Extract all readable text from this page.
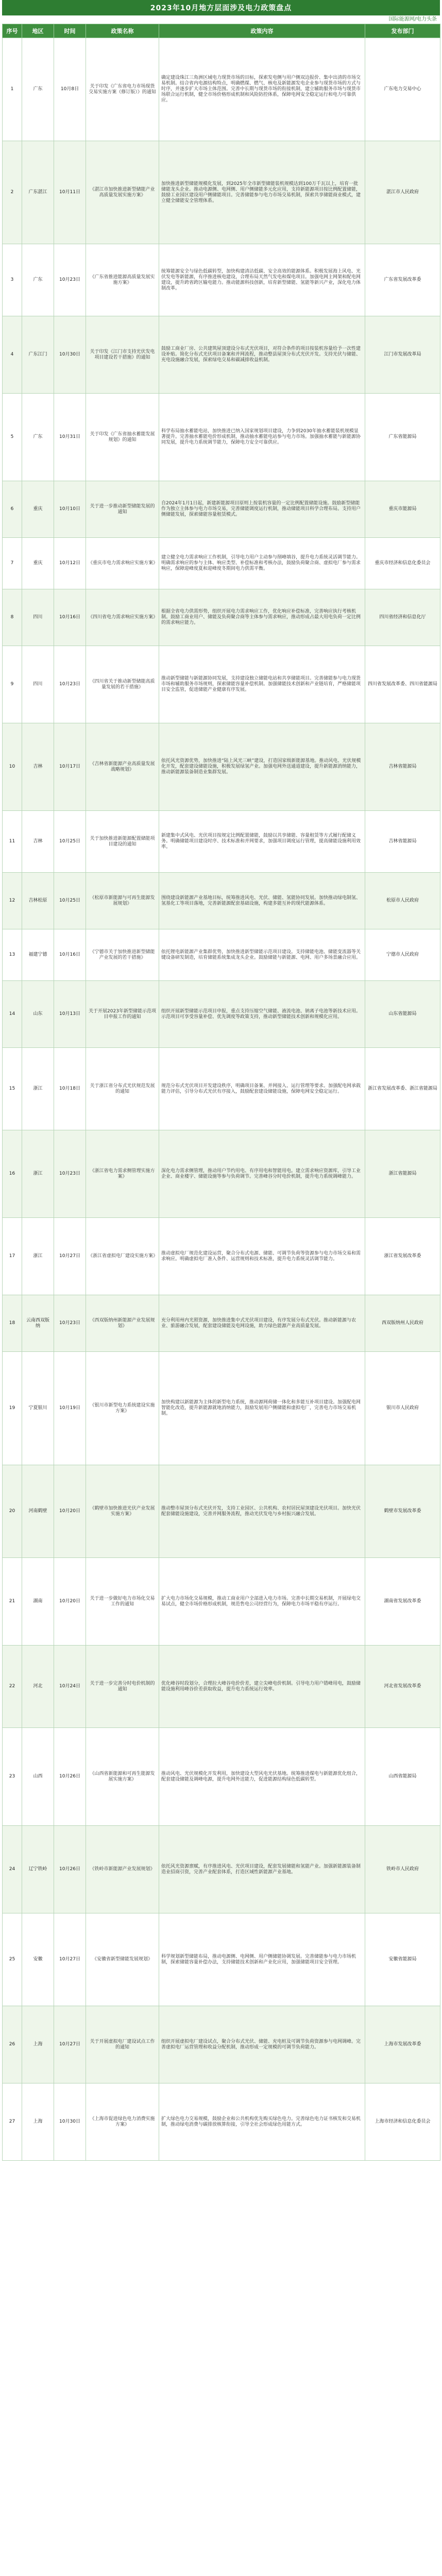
2023年10月地方层面涉及电力政策盘点
国际能源网/电力头条
序号	地区	时间	政策名称	政策内容	发布部门
1	广东	10月8日	关于印发《广东省电力市场现货交易实施方案（修订版）》的通知	确定建设珠江三角洲区域电力现货市场的目标，探索发电侧与用户侧双边报价、集中出清的市场交易机制。结合省内电源结构特点，明确燃煤、燃气、核电及新能源发电企业参与现货市场的方式与时序，并逐步扩大市场主体范围。完善中长期与现货市场的衔接机制，建立辅助服务市场与现货市场联合运行机制，健全市场价格形成机制和风险防控体系，保障电网安全稳定运行和电力可靠供应。	广东电力交易中心
2	广东湛江	10月11日	《湛江市加快推进新型储能产业高质量发展实施方案》	加快推进新型储能规模化发展，到2025年全市新型储能装机规模达到100万千瓦以上，培育一批储能龙头企业。推动电源侧、电网侧、用户侧储能多元化应用，支持新能源项目按比例配置储能，鼓励工业园区建设用户侧储能项目。完善储能参与电力市场交易机制，探索共享储能商业模式，建立健全储能安全管理体系。	湛江市人民政府
3	广东	10月23日	《广东省推进能源高质量发展实施方案》	统筹能源安全与绿色低碳转型，加快构建清洁低碳、安全高效的能源体系。积极发展海上风电、光伏发电等新能源，有序推进核电建设，合理布局天然气发电和煤电项目。加强电网主网架和配电网建设，提升跨省跨区输电能力。推动能源科技创新，培育新型储能、氢能等新兴产业，深化电力体制改革。	广东省发展改革委
4	广东江门	10月30日	关于印发《江门市支持光伏发电项目建设若干措施》的通知	鼓励工商业厂房、公共建筑屋顶建设分布式光伏项目，对符合条件的项目按装机容量给予一次性建设补贴。简化分布式光伏项目备案和并网流程，推动整县屋顶分布式光伏开发。支持光伏与储能、充电设施融合发展，探索绿电交易和碳减排收益机制。	江门市发展改革局
5	广东	10月31日	关于印发《广东省抽水蓄能发展规划》的通知	科学布局抽水蓄能电站，加快推进已纳入国家规划项目建设，力争到2030年抽水蓄能装机规模显著提升。完善抽水蓄能电价形成机制，推动抽水蓄能电站参与电力市场。加强抽水蓄能与新能源协同发展，提升电力系统调节能力，保障电力安全可靠供应。	广东省能源局
6	重庆	10月10日	关于进一步推动新型储能发展的通知	自2024年1月1日起，新建新能源项目原则上按装机容量的一定比例配置储能设施。鼓励新型储能作为独立主体参与电力市场交易，完善储能调度运行机制，推动储能项目科学合理布局。支持用户侧储能发展，探索储能容量租赁模式。	重庆市能源局
7	重庆	10月12日	《重庆市电力需求响应实施方案》	建立健全电力需求响应工作机制，引导电力用户主动参与削峰填谷，提升电力系统灵活调节能力。明确需求响应的参与主体、响应类型、补偿标准和考核办法，鼓励负荷聚合商、虚拟电厂参与需求响应，保障迎峰度夏和迎峰度冬期间电力供需平衡。	重庆市经济和信息化委员会
8	四川	10月16日	《四川省电力需求响应实施方案》	根据全省电力供需形势，组织开展电力需求响应工作，优化响应补偿标准，完善响应执行考核机制。鼓励工商业用户、储能及负荷聚合商等主体参与需求响应，推动形成占最大用电负荷一定比例的需求响应能力。	四川省经济和信息化厅
9	四川	10月23日	《四川省关于推动新型储能高质量发展的若干措施》	推动新型储能与新能源协同发展，支持建设独立储能电站和共享储能项目。完善储能参与电力现货市场和辅助服务市场规则，探索储能容量补偿机制。加强储能技术创新和产业链培育，严格储能项目安全监管，促进储能产业健康有序发展。	四川省发展改革委、四川省能源局
10	吉林	10月17日	《吉林省新能源产业高质量发展战略规划》	依托风光资源优势，加快推进“陆上风光三峡”建设，打造国家级新能源基地。推动风电、光伏规模化开发，配套建设储能设施，积极发展绿氢产业。加强电网外送通道建设，提升新能源消纳能力，推动新能源装备制造业集群发展。	吉林省能源局
11	吉林	10月25日	关于加快推进新能源配置储能项目建设的通知	新建集中式风电、光伏项目按规定比例配置储能，鼓励以共享储能、容量租赁等方式履行配储义务。明确储能项目建设时序、技术标准和并网要求，加强项目调度运行管理，提高储能设施利用效率。	吉林省能源局
12	吉林松原	10月25日	《松原市新能源与可再生能源发展规划》	围绕建设新能源产业基地目标，统筹推进风电、光伏、储能、氢能协同发展。加快推动绿电制氢、氢基化工等项目落地，完善新能源配套基础设施，构建多能互补的现代能源体系。	松原市人民政府
13	福建宁德	10月16日	《宁德市关于加快推进新型储能产业发展的若干措施》	依托锂电新能源产业集群优势，加快推进新型储能示范项目建设。支持储能电池、储能变流器等关键设备研发制造，培育储能系统集成龙头企业。鼓励储能与新能源、电网、用户多场景融合应用。	宁德市人民政府
14	山东	10月13日	关于开展2023年新型储能示范项目申报工作的通知	组织开展新型储能示范项目申报，重点支持压缩空气储能、液流电池、钠离子电池等新技术应用。示范项目可享受容量补偿、优先调度等政策支持，推动新型储能技术创新和规模化应用。	山东省能源局
15	浙江	10月18日	关于浙江省分布式光伏规范发展的通知	规范分布式光伏项目开发建设秩序，明确项目备案、并网接入、运行管理等要求。加强配电网承载能力评估，引导分布式光伏有序接入，鼓励配套建设储能设施，保障电网安全稳定运行。	浙江省发展改革委、浙江省能源局
16	浙江	10月23日	《浙江省电力需求侧管理实施方案》	深化电力需求侧管理，推动用户节约用电、有序用电和智能用电。建立需求响应资源库，引导工业企业、商业楼宇、储能设施等参与负荷调节。完善峰谷分时电价机制，提升电力系统调峰能力。	浙江省能源局
17	浙江	10月27日	《浙江省虚拟电厂建设实施方案》	推动虚拟电厂规范化建设运营，聚合分布式电源、储能、可调节负荷等资源参与电力市场交易和需求响应。明确虚拟电厂准入条件、运营规则和技术标准，提升电力系统灵活调节能力。	浙江省发展改革委
18	云南西双版纳	10月23日	《西双版纳州新能源产业发展规划》	充分利用州内光照资源，加快推进集中式光伏项目建设，有序发展分布式光伏。推动新能源与农业、旅游融合发展，配套建设储能及电网设施，助力绿色能源产业高质量发展。	西双版纳州人民政府
19	宁夏银川	10月19日	《银川市新型电力系统建设实施方案》	加快构建以新能源为主体的新型电力系统，推动源网荷储一体化和多能互补项目建设。加强配电网智能化改造，提升新能源就地消纳能力，鼓励发展用户侧储能和虚拟电厂，完善电力市场交易机制。	银川市人民政府
20	河南鹤壁	10月20日	《鹤壁市加快推进光伏产业发展实施方案》	推动整市屋顶分布式光伏开发，支持工业园区、公共机构、农村居民屋顶建设光伏项目。加快光伏配套储能设施建设，完善并网服务流程，推动光伏发电与乡村振兴融合发展。	鹤壁市发展改革委
21	湖南	10月20日	关于进一步做好电力市场化交易工作的通知	扩大电力市场化交易规模，推动工商业用户全部进入电力市场。完善中长期交易机制，开展绿电交易试点，健全市场价格形成机制，规范售电公司经营行为，保障电力市场平稳有序运行。	湖南省发展改革委
22	河北	10月24日	关于进一步完善分时电价机制的通知	优化峰谷时段划分，合理拉大峰谷电价价差，建立尖峰电价机制。引导电力用户错峰用电，鼓励储能设施利用峰谷价差获取收益，提升电力系统运行效率。	河北省发展改革委
23	山西	10月26日	《山西省新能源和可再生能源发展实施方案》	推动风电、光伏规模化开发利用，加快建设大型风电光伏基地。统筹推进煤电与新能源优化组合，配套建设储能及调峰电源，提升电网外送能力，促进能源结构绿色低碳转型。	山西省能源局
24	辽宁铁岭	10月26日	《铁岭市新能源产业发展规划》	依托风光资源禀赋，有序推进风电、光伏项目建设，配套发展储能和氢能产业。加强新能源装备制造业招商引资，完善产业配套体系，打造区域性新能源产业基地。	铁岭市人民政府
25	安徽	10月27日	《安徽省新型储能发展规划》	科学规划新型储能布局，推动电源侧、电网侧、用户侧储能协调发展。完善储能参与电力市场机制，探索储能容量补偿办法，支持储能技术创新和产业化应用，加强储能项目安全管理。	安徽省能源局
26	上海	10月27日	关于开展虚拟电厂建设试点工作的通知	组织开展虚拟电厂建设试点，聚合分布式光伏、储能、充电桩及可调节负荷资源参与电网调峰。完善虚拟电厂运营管理和收益分配机制，推动形成一定规模的可调节负荷能力。	上海市发展改革委
27	上海	10月30日	《上海市促进绿色电力消费实施方案》	扩大绿色电力交易规模，鼓励企业和公共机构优先购买绿色电力。完善绿色电力证书核发和交易机制，推动绿电消费与碳排放核算衔接，引导全社会形成绿色用能方式。	上海市经济和信息化委员会
